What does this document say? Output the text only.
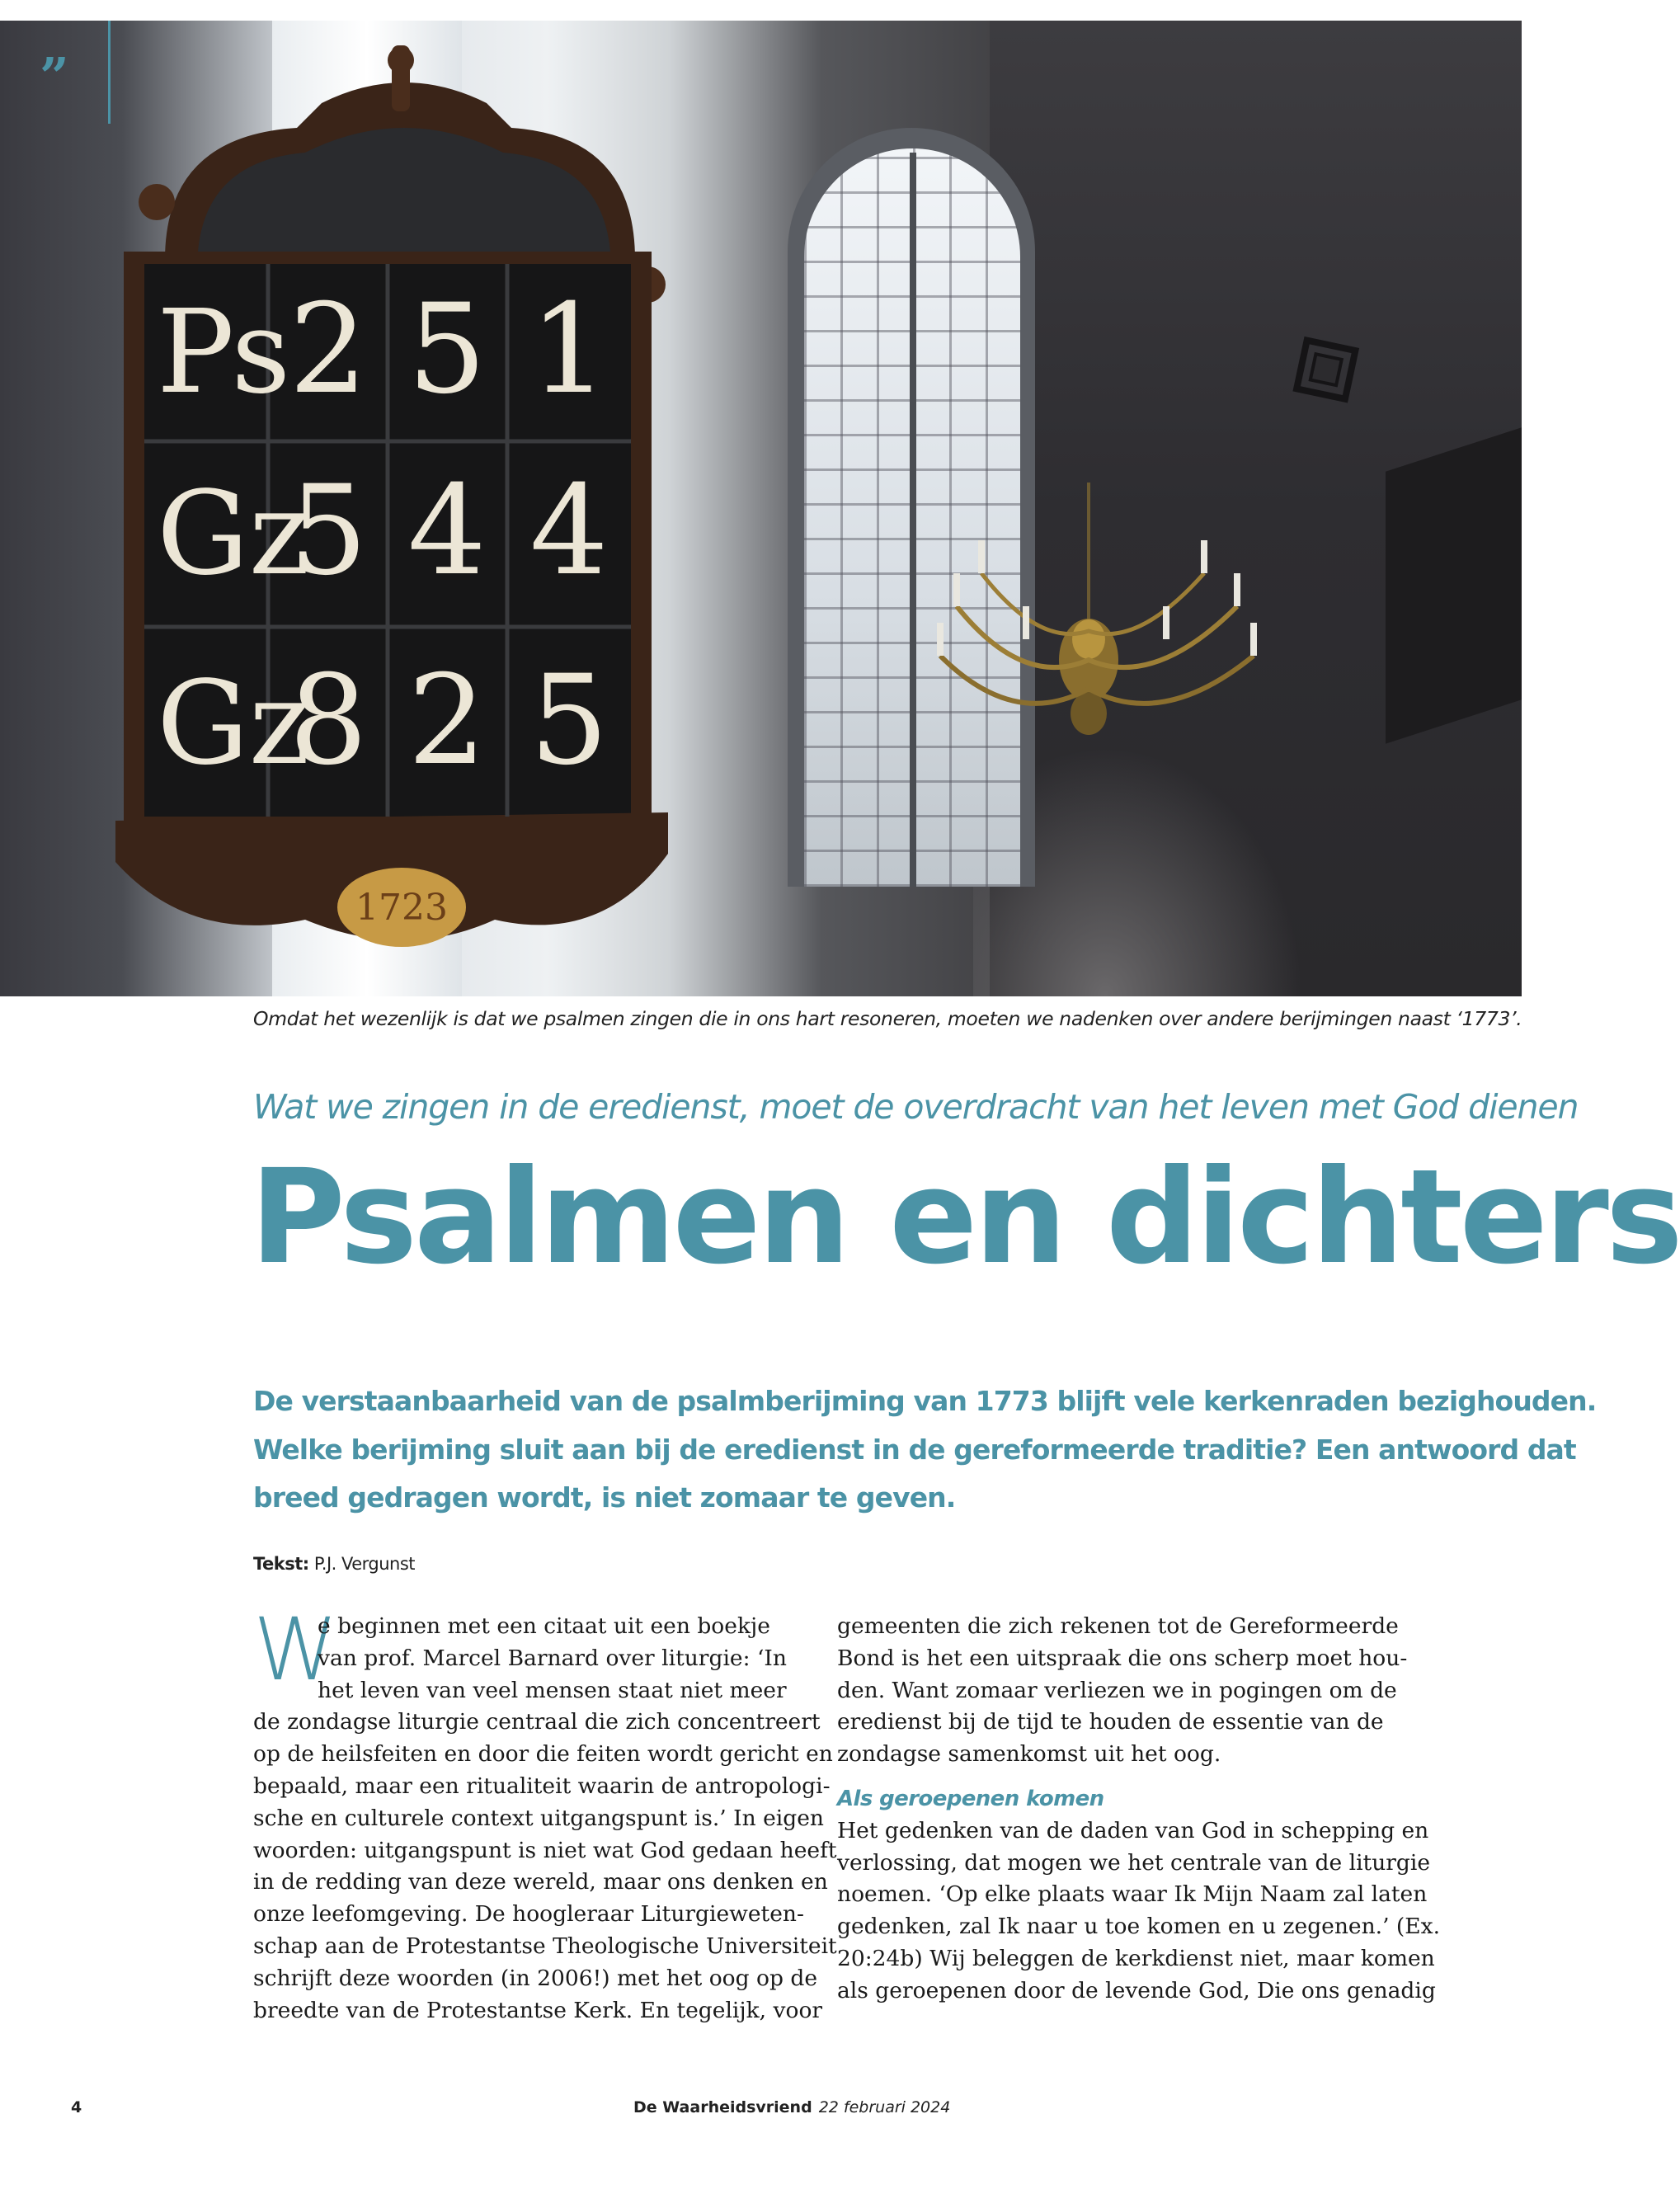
1723
Ps
2 5 1
Gz
5 4 4
Gz
8 2 5
”
Omdat het wezenlijk is dat we psalmen zingen die in ons hart resoneren, moeten we nadenken over andere berijmingen naast ‘1773’.
Wat we zingen in de eredienst, moet de overdracht van het leven met God dienen
Psalmen en dichters
De verstaanbaarheid van de psalmberijming van 1773 blijft vele kerkenraden bezighouden.
Welke berijming sluit aan bij de eredienst in de gereformeerde traditie? Een antwoord dat
breed gedragen wordt, is niet zomaar te geven.
Tekst: P.J. Vergunst
W
e beginnen met een citaat uit een boekje
van prof. Marcel Barnard over liturgie: ‘In
het leven van veel mensen staat niet meer
de zondagse liturgie centraal die zich concentreert
op de heilsfeiten en door die feiten wordt gericht en
bepaald, maar een ritualiteit waarin de antropologi-
sche en culturele context uitgangspunt is.’ In eigen
woorden: uitgangspunt is niet wat God gedaan heeft
in de redding van deze wereld, maar ons denken en
onze leefomgeving. De hoogleraar Liturgieweten-
schap aan de Protestantse Theologische Universiteit
schrijft deze woorden (in 2006!) met het oog op de
breedte van de Protestantse Kerk. En tegelijk, voor
gemeenten die zich rekenen tot de Gereformeerde
Bond is het een uitspraak die ons scherp moet hou-
den. Want zomaar verliezen we in pogingen om de
eredienst bij de tijd te houden de essentie van de
zondagse samenkomst uit het oog.
Als geroepenen komen
Het gedenken van de daden van God in schepping en
verlossing, dat mogen we het centrale van de liturgie
noemen. ‘Op elke plaats waar Ik Mijn Naam zal laten
gedenken, zal Ik naar u toe komen en u zegenen.’ (Ex.
20:24b) Wij beleggen de kerkdienst niet, maar komen
als geroepenen door de levende God, Die ons genadig
4	De Waarheidsvriend 22 februari 2024
